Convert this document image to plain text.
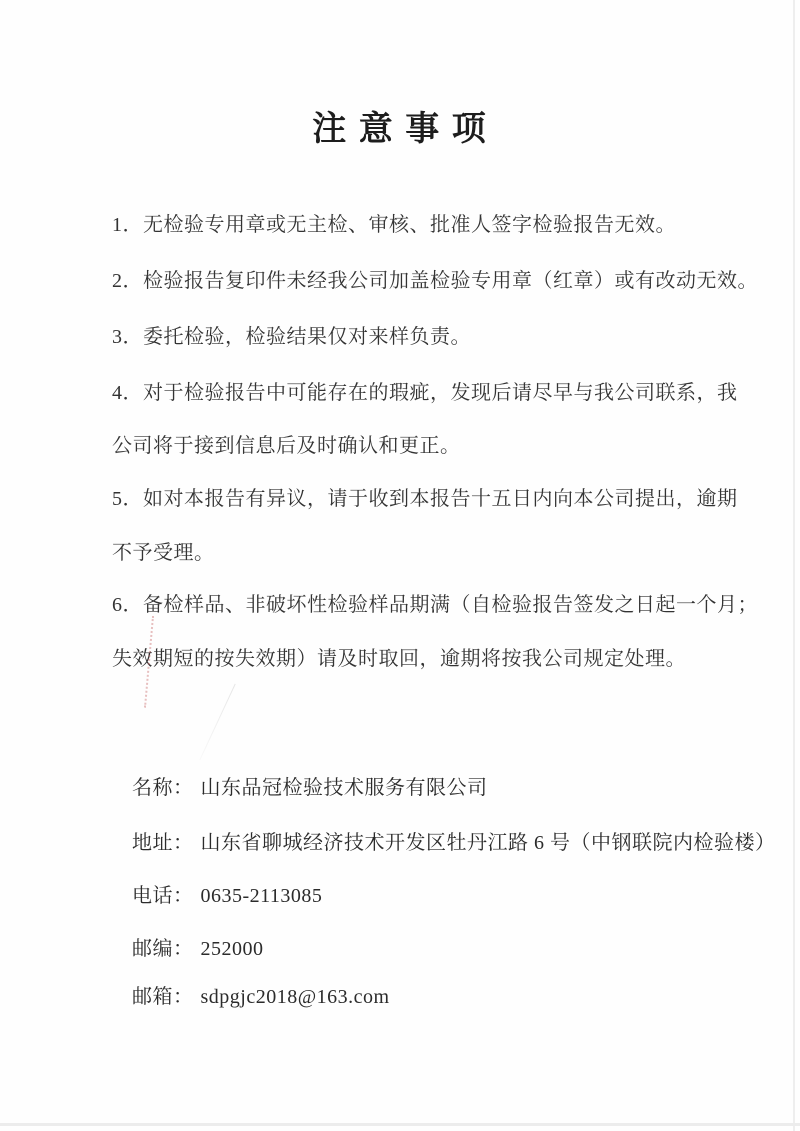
注 意 事 项
1．无检验专用章或无主检、审核、批准人签字检验报告无效。
2．检验报告复印件未经我公司加盖检验专用章（红章）或有改动无效。
3．委托检验，检验结果仅对来样负责。
4．对于检验报告中可能存在的瑕疵，发现后请尽早与我公司联系，我
公司将于接到信息后及时确认和更正。
5．如对本报告有异议，请于收到本报告十五日内向本公司提出，逾期
不予受理。
6．备检样品、非破坏性检验样品期满（自检验报告签发之日起一个月；
失效期短的按失效期）请及时取回，逾期将按我公司规定处理。

名称： 山东品冠检验技术服务有限公司

地址： 山东省聊城经济技术开发区牡丹江路 6 号（中钢联院内检验楼）

电话： 0635-2113085

邮编： 252000

邮箱： sdpgjc2018@163.com
